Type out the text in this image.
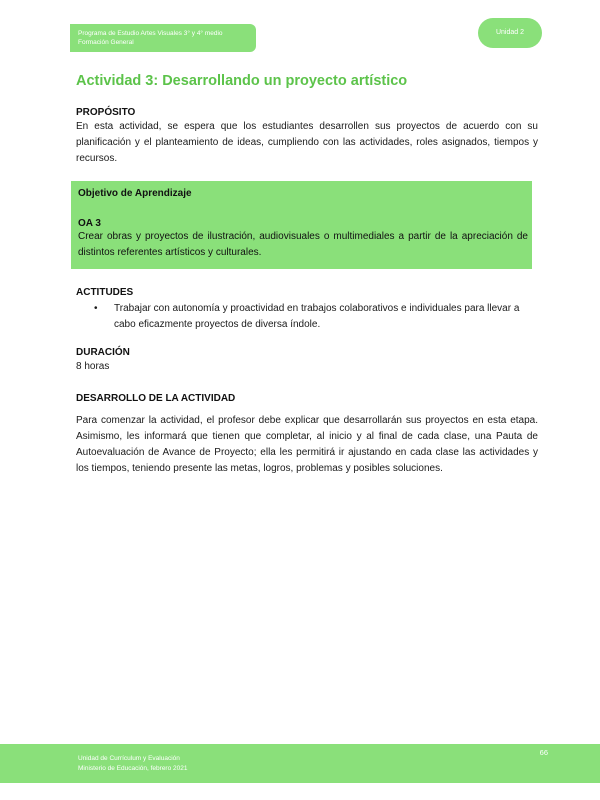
Programa de Estudio Artes Visuales 3° y 4° medio
Formación General
Unidad 2
Actividad 3: Desarrollando un proyecto artístico
PROPÓSITO
En esta actividad, se espera que los estudiantes desarrollen sus proyectos de acuerdo con su planificación y el planteamiento de ideas, cumpliendo con las actividades, roles asignados, tiempos y recursos.
Objetivo de Aprendizaje
OA 3
Crear obras y proyectos de ilustración, audiovisuales o multimediales a partir de la apreciación de distintos referentes artísticos y culturales.
ACTITUDES
• Trabajar con autonomía y proactividad en trabajos colaborativos e individuales para llevar a cabo eficazmente proyectos de diversa índole.
DURACIÓN
8 horas
DESARROLLO DE LA ACTIVIDAD
Para comenzar la actividad, el profesor debe explicar que desarrollarán sus proyectos en esta etapa. Asimismo, les informará que tienen que completar, al inicio y al final de cada clase, una Pauta de Autoevaluación de Avance de Proyecto; ella les permitirá ir ajustando en cada clase las actividades y los tiempos, teniendo presente las metas, logros, problemas y posibles soluciones.
Unidad de Currículum y Evaluación
Ministerio de Educación, febrero 2021
66
